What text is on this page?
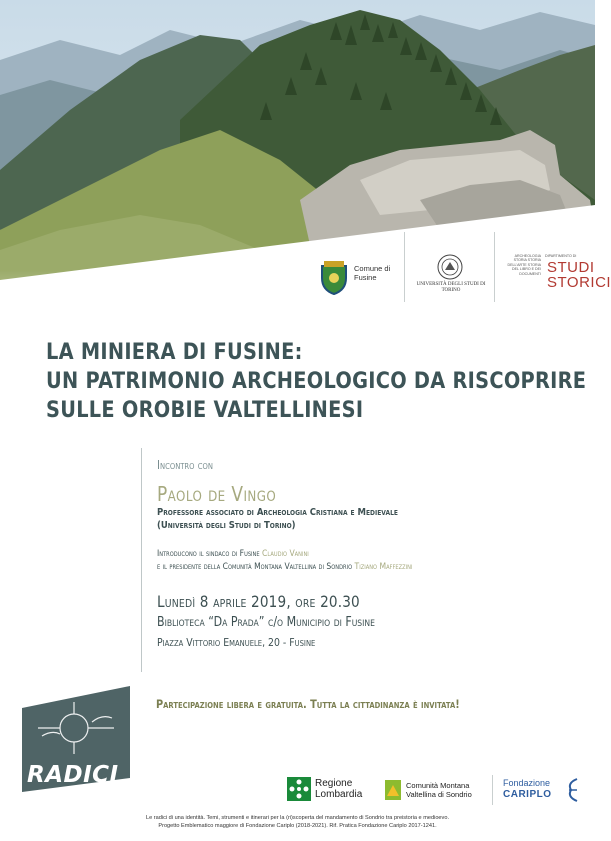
Comune di Fusine
UNIVERSITÀ DEGLI STUDI DI TORINO
ARCHEOLOGIA STORIA STORIA DELL'ARTE STORIA DEL LIBRO E DEI DOCUMENTI
DIPARTIMENTO DI
STUDI STORICI
LA MINIERA DI FUSINE:
UN PATRIMONIO ARCHEOLOGICO DA RISCOPRIRE
SULLE OROBIE VALTELLINESI
Incontro con
Paolo de Vingo
Professore associato di Archeologia Cristiana e Medievale
(Università degli Studi di Torino)
Introducono il sindaco di Fusine Claudio Vanini
e il presidente della Comunità Montana Valtellina di Sondrio Tiziano Maffezzini
Lunedì 8 aprile 2019, ore 20.30
Biblioteca “Da Prada” c/o Municipio di Fusine
Piazza Vittorio Emanuele, 20 - Fusine
Partecipazione libera e gratuita. Tutta la cittadinanza è invitata!
RADICI	Regione
Lombardia
Comunità Montana
Valtellina di Sondrio
Fondazione
CARIPLO
Le radici di una identità. Temi, strumenti e itinerari per la (ri)scoperta del mandamento di Sondrio tra preistoria e medioevo.
Progetto Emblematico maggiore di Fondazione Cariplo (2018-2021). Rif. Pratica Fondazione Cariplo 2017-1241.
